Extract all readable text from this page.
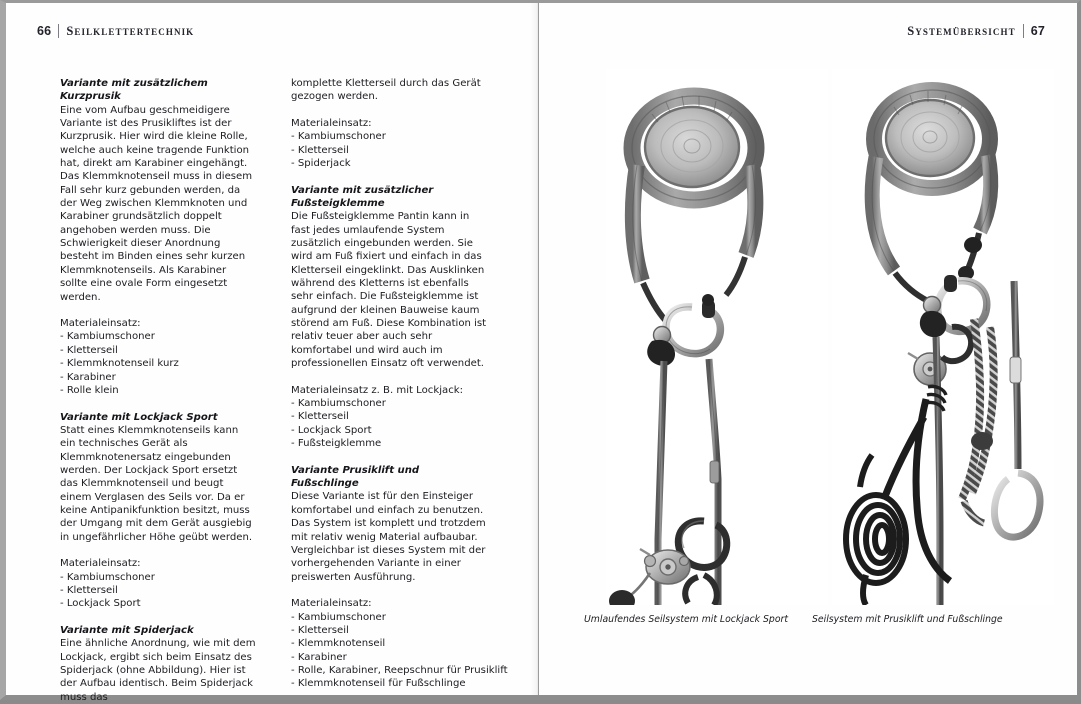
66 Seilklettertechnik
Variante mit zusätzlichem Kurzprusik

Eine vom Aufbau geschmeidigere Variante ist des Prusikliftes ist der Kurzprusik. Hier wird die kleine Rolle, welche auch keine tragende Funktion hat, direkt am Karabiner eingehängt. Das Klemmknotenseil muss in diesem Fall sehr kurz gebunden werden, da der Weg zwischen Klemmknoten und Karabiner grundsätzlich doppelt angehoben werden muss. Die Schwierigkeit dieser Anordnung besteht im Binden eines sehr kurzen Klemmknotenseils. Als Karabiner sollte eine ovale Form eingesetzt werden.

Materialeinsatz:
- Kambiumschoner
- Kletterseil
- Klemmknotenseil kurz
- Karabiner
- Rolle klein
Variante mit Lockjack Sport

Statt eines Klemmknotenseils kann ein technisches Gerät als Klemmknotenersatz eingebunden werden. Der Lockjack Sport ersetzt das Klemmknotenseil und beugt einem Verglasen des Seils vor. Da er keine Antipanikfunktion besitzt, muss der Umgang mit dem Gerät ausgiebig in ungefährlicher Höhe geübt werden.

Materialeinsatz:
- Kambiumschoner
- Kletterseil
- Lockjack Sport
Variante mit Spiderjack

Eine ähnliche Anordnung, wie mit dem Lockjack, ergibt sich beim Einsatz des Spiderjack (ohne Abbildung). Hier ist der Aufbau identisch. Beim Spiderjack muss das

komplette Kletterseil durch das Gerät gezogen werden.

Materialeinsatz:
- Kambiumschoner
- Kletterseil
- Spiderjack
Variante mit zusätzlicher Fußsteigklemme

Die Fußsteigklemme Pantin kann in fast jedes umlaufende System zusätzlich eingebunden werden. Sie wird am Fuß fixiert und einfach in das Kletterseil eingeklinkt. Das Ausklinken während des Kletterns ist ebenfalls sehr einfach. Die Fußsteigklemme ist aufgrund der kleinen Bauweise kaum störend am Fuß. Diese Kombination ist relativ teuer aber auch sehr komfortabel und wird auch im professionellen Einsatz oft verwendet.

Materialeinsatz z. B. mit Lockjack:
- Kambiumschoner
- Kletterseil
- Lockjack Sport
- Fußsteigklemme
Variante Prusiklift und Fußschlinge

Diese Variante ist für den Einsteiger komfortabel und einfach zu benutzen. Das System ist komplett und trotzdem mit relativ wenig Material aufbaubar. Vergleichbar ist dieses System mit der vorhergehenden Variante in einer preiswerten Ausführung.

Materialeinsatz:
- Kambiumschoner
- Kletterseil
- Klemmknotenseil
- Karabiner
- Rolle, Karabiner, Reepschnur für Prusiklift
- Klemmknotenseil für Fußschlinge
Systemübersicht 67
Umlaufendes Seilsystem mit Lockjack Sport	Seilsystem mit Prusiklift und Fußschlinge
